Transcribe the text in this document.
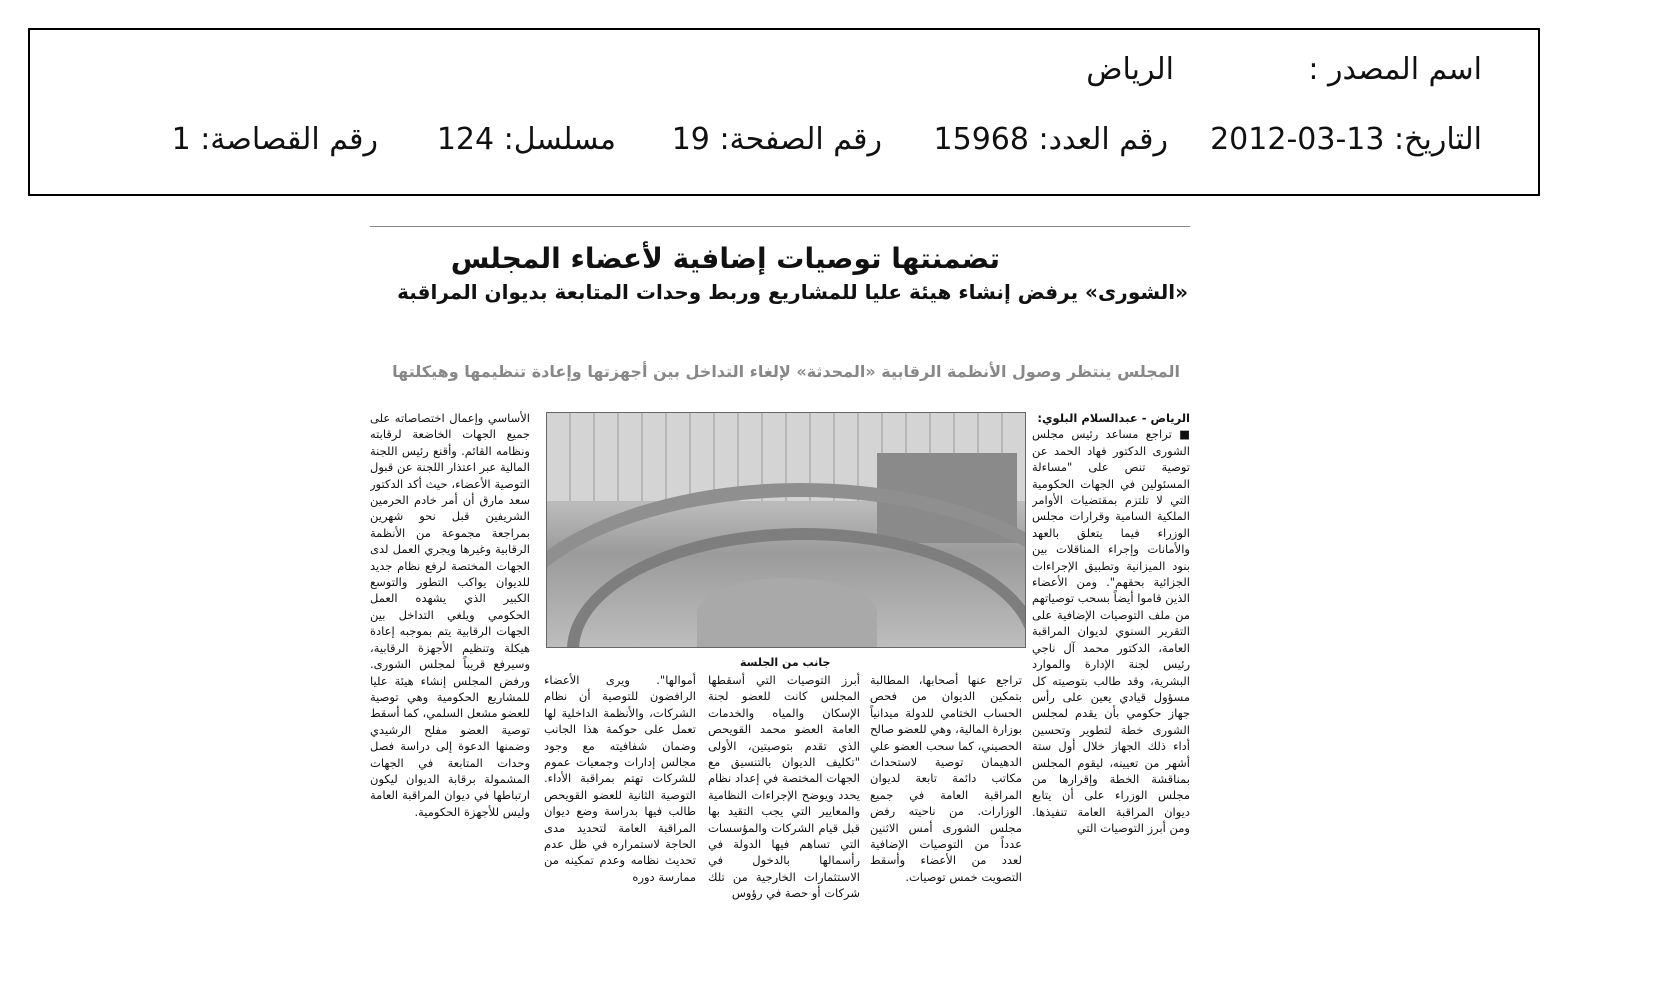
اسم المصدر :
الرياض
التاريخ: 13-03-2012
رقم العدد: 15968
رقم الصفحة: 19
مسلسل: 124
رقم القصاصة: 1
تضمنتها توصيات إضافية لأعضاء المجلس
«الشورى» يرفض إنشاء هيئة عليا للمشاريع وربط وحدات المتابعة بديوان المراقبة
المجلس ينتظر وصول الأنظمة الرقابية «المحدثة» لإلغاء التداخل بين أجهزتها وإعادة تنظيمها وهيكلتها
جانب من الجلسة

الرياض - عبدالسلام البلوي:

■ تراجع مساعد رئيس مجلس الشورى الدكتور فهاد الحمد عن توصية تنص على "مساءلة المسئولين في الجهات الحكومية التي لا تلتزم بمقتضيات الأوامر الملكية السامية وقرارات مجلس الوزراء فيما يتعلق بالعهد والأمانات وإجراء المناقلات بين بنود الميزانية وتطبيق الإجراءات الجزائية بحقهم". ومن الأعضاء الذين قاموا أيضاً بسحب توصياتهم من ملف التوصيات الإضافية على التقرير السنوي لديوان المراقبة العامة، الدكتور محمد آل ناجي رئيس لجنة الإدارة والموارد البشرية، وقد طالب بتوصيته كل مسؤول قيادي يعين على رأس جهاز حكومي بأن يقدم لمجلس الشورى خطة لتطوير وتحسين أداء ذلك الجهاز خلال أول ستة أشهر من تعيينه، ليقوم المجلس بمناقشة الخطة وإقرارها من مجلس الوزراء على أن يتابع ديوان المراقبة العامة تنفيذها. ومن أبرز التوصيات التي

تراجع عنها أصحابها، المطالبة بتمكين الديوان من فحص الحساب الختامي للدولة ميدانياً بوزارة المالية، وهي للعضو صالح الحصيني، كما سحب العضو علي الدهيمان توصية لاستحداث مكاتب دائمة تابعة لديوان المراقبة العامة في جميع الوزارات. من ناحيته رفض مجلس الشورى أمس الاثنين عدداً من التوصيات الإضافية لعدد من الأعضاء وأسقط التصويت خمس توصيات.

أبرز التوصيات التي أسقطها المجلس كانت للعضو لجنة الإسكان والمياه والخدمات العامة العضو محمد القويحص الذي تقدم بتوصيتين، الأولى "تكليف الديوان بالتنسيق مع الجهات المختصة في إعداد نظام يحدد ويوضح الإجراءات النظامية والمعايير التي يجب التقيد بها قبل قيام الشركات والمؤسسات التي تساهم فيها الدولة في رأسمالها بالدخول في الاستثمارات الخارجية من تلك شركات أو حصة في رؤوس

أموالها". ويرى الأعضاء الرافضون للتوصية أن نظام الشركات، والأنظمة الداخلية لها تعمل على حوكمة هذا الجانب وضمان شفافيته مع وجود مجالس إدارات وجمعيات عموم للشركات تهتم بمراقبة الأداء. التوصية الثانية للعضو القويحص طالب فيها بدراسة وضع ديوان المراقبة العامة لتحديد مدى الحاجة لاستمراره في ظل عدم تحديث نظامه وعدم تمكينه من ممارسة دوره

الأساسي وإعمال اختصاصاته على جميع الجهات الخاضعة لرقابته ونظامه القائم. وأقنع رئيس اللجنة المالية عبر اعتذار اللجنة عن قبول التوصية الأعضاء، حيث أكد الدكتور سعد مارق أن أمر خادم الحرمين الشريفين قبل نحو شهرين بمراجعة مجموعة من الأنظمة الرقابية وغيرها ويجري العمل لدى الجهات المختصة لرفع نظام جديد للديوان يواكب التطور والتوسع الكبير الذي يشهده العمل الحكومي ويلغي التداخل بين الجهات الرقابية يتم بموجبه إعادة هيكلة وتنظيم الأجهزة الرقابية، وسيرفع قريباً لمجلس الشورى. ورفض المجلس إنشاء هيئة عليا للمشاريع الحكومية وهي توصية للعضو مشعل السلمي، كما أسقط توصية العضو مفلح الرشيدي وضمنها الدعوة إلى دراسة فصل وحدات المتابعة في الجهات المشمولة برقابة الديوان ليكون ارتباطها في ديوان المراقبة العامة وليس للأجهزة الحكومية.
